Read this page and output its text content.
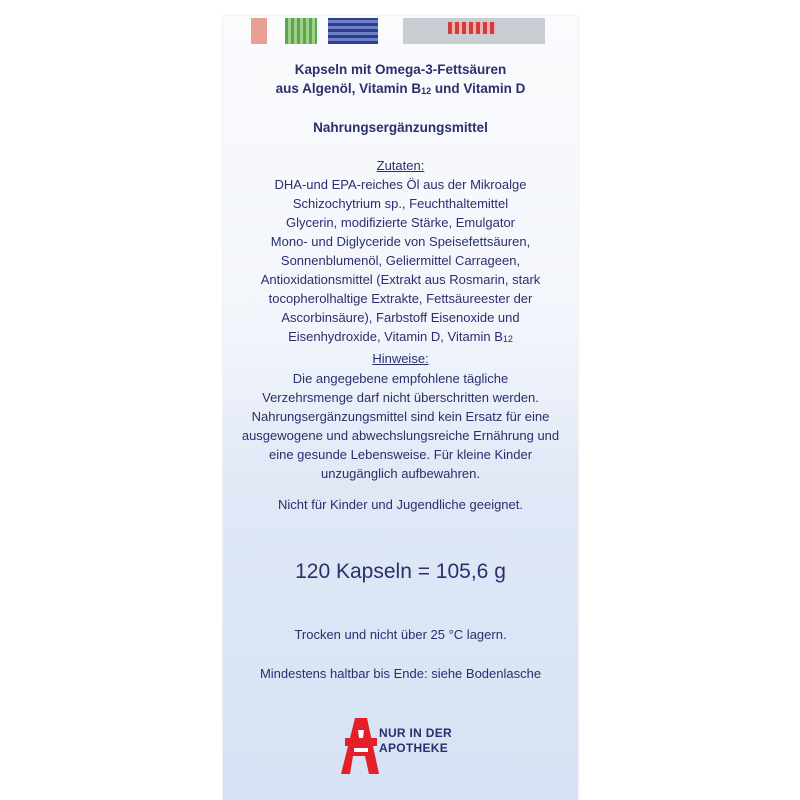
Kapseln mit Omega-3-Fettsäuren
aus Algenöl, Vitamin $B_{12}$ und Vitamin D
Nahrungsergänzungsmittel
Zutaten:
DHA-und EPA-reiches Öl aus der Mikroalge
Schizochytrium sp., Feuchthaltemittel
Glycerin, modifizierte Stärke, Emulgator
Mono- und Diglyceride von Speisefettsäuren,
Sonnenblumenöl, Geliermittel Carrageen,
Antioxidationsmittel (Extrakt aus Rosmarin, stark
tocopherolhaltige Extrakte, Fettsäureester der
Ascorbinsäure), Farbstoff Eisenoxide und
Eisenhydroxide, Vitamin D, Vitamin $B_{12}$
Hinweise:
Die angegebene empfohlene tägliche
Verzehrsmenge darf nicht überschritten werden.
Nahrungsergänzungsmittel sind kein Ersatz für eine
ausgewogene und abwechslungsreiche Ernährung und
eine gesunde Lebensweise. Für kleine Kinder
unzugänglich aufbewahren.
Nicht für Kinder und Jugendliche geeignet.
120 Kapseln = 105,6 g
Trocken und nicht über 25 °C lagern.
Mindestens haltbar bis Ende: siehe Bodenlasche
NUR IN DER
APOTHEKE
